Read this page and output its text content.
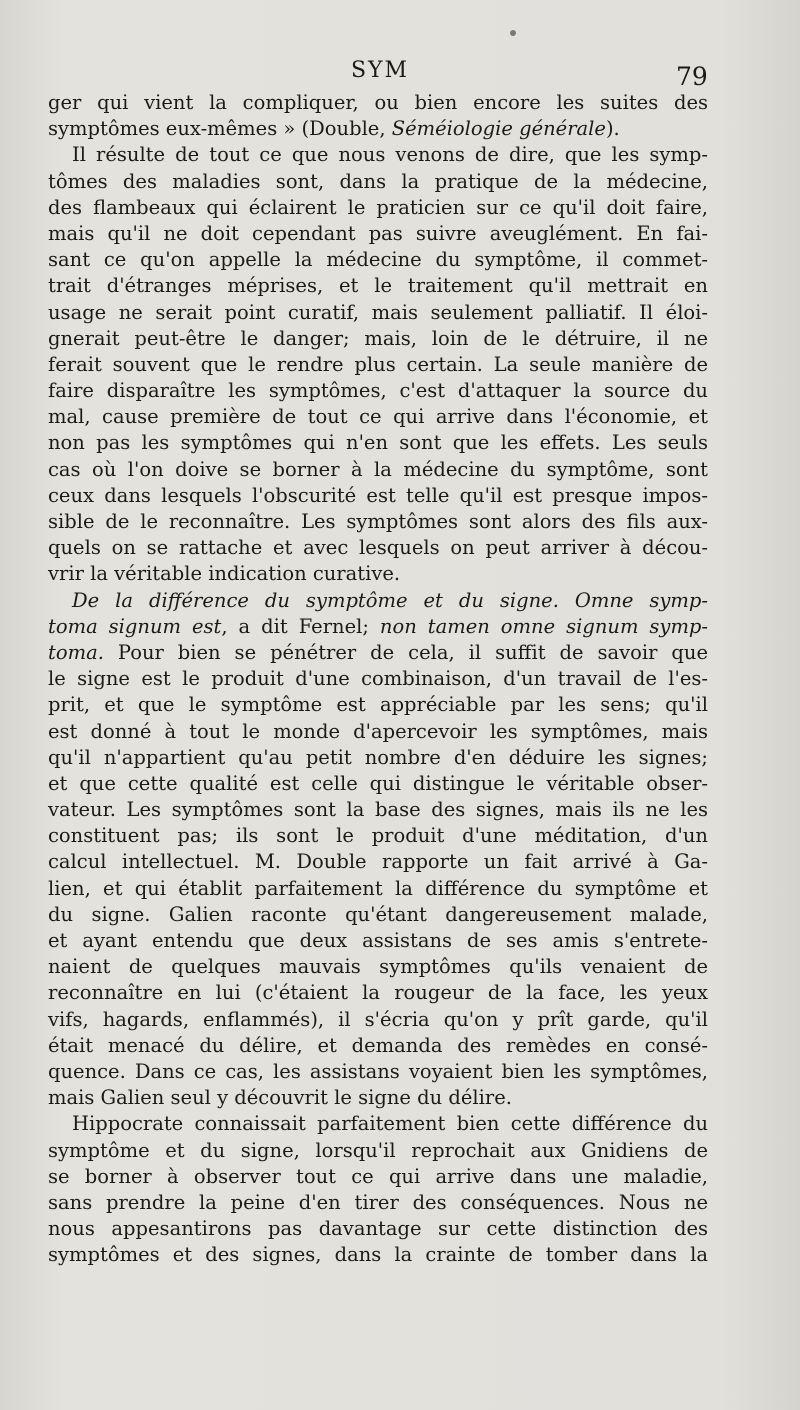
SYM	79
ger qui vient la compliquer, ou bien encore les suites des
symptômes eux-mêmes » (Double, Séméiologie générale).
Il résulte de tout ce que nous venons de dire, que les symp-
tômes des maladies sont, dans la pratique de la médecine,
des flambeaux qui éclairent le praticien sur ce qu'il doit faire,
mais qu'il ne doit cependant pas suivre aveuglément. En fai-
sant ce qu'on appelle la médecine du symptôme, il commet-
trait d'étranges méprises, et le traitement qu'il mettrait en
usage ne serait point curatif, mais seulement palliatif. Il éloi-
gnerait peut-être le danger; mais, loin de le détruire, il ne
ferait souvent que le rendre plus certain. La seule manière de
faire disparaître les symptômes, c'est d'attaquer la source du
mal, cause première de tout ce qui arrive dans l'économie, et
non pas les symptômes qui n'en sont que les effets. Les seuls
cas où l'on doive se borner à la médecine du symptôme, sont
ceux dans lesquels l'obscurité est telle qu'il est presque impos-
sible de le reconnaître. Les symptômes sont alors des fils aux-
quels on se rattache et avec lesquels on peut arriver à décou-
vrir la véritable indication curative.
De la différence du symptôme et du signe. Omne symp-
toma signum est, a dit Fernel; non tamen omne signum symp-
toma. Pour bien se pénétrer de cela, il suffit de savoir que
le signe est le produit d'une combinaison, d'un travail de l'es-
prit, et que le symptôme est appréciable par les sens; qu'il
est donné à tout le monde d'apercevoir les symptômes, mais
qu'il n'appartient qu'au petit nombre d'en déduire les signes;
et que cette qualité est celle qui distingue le véritable obser-
vateur. Les symptômes sont la base des signes, mais ils ne les
constituent pas; ils sont le produit d'une méditation, d'un
calcul intellectuel. M. Double rapporte un fait arrivé à Ga-
lien, et qui établit parfaitement la différence du symptôme et
du signe. Galien raconte qu'étant dangereusement malade,
et ayant entendu que deux assistans de ses amis s'entrete-
naient de quelques mauvais symptômes qu'ils venaient de
reconnaître en lui (c'étaient la rougeur de la face, les yeux
vifs, hagards, enflammés), il s'écria qu'on y prît garde, qu'il
était menacé du délire, et demanda des remèdes en consé-
quence. Dans ce cas, les assistans voyaient bien les symptômes,
mais Galien seul y découvrit le signe du délire.
Hippocrate connaissait parfaitement bien cette différence du
symptôme et du signe, lorsqu'il reprochait aux Gnidiens de
se borner à observer tout ce qui arrive dans une maladie,
sans prendre la peine d'en tirer des conséquences. Nous ne
nous appesantirons pas davantage sur cette distinction des
symptômes et des signes, dans la crainte de tomber dans la
